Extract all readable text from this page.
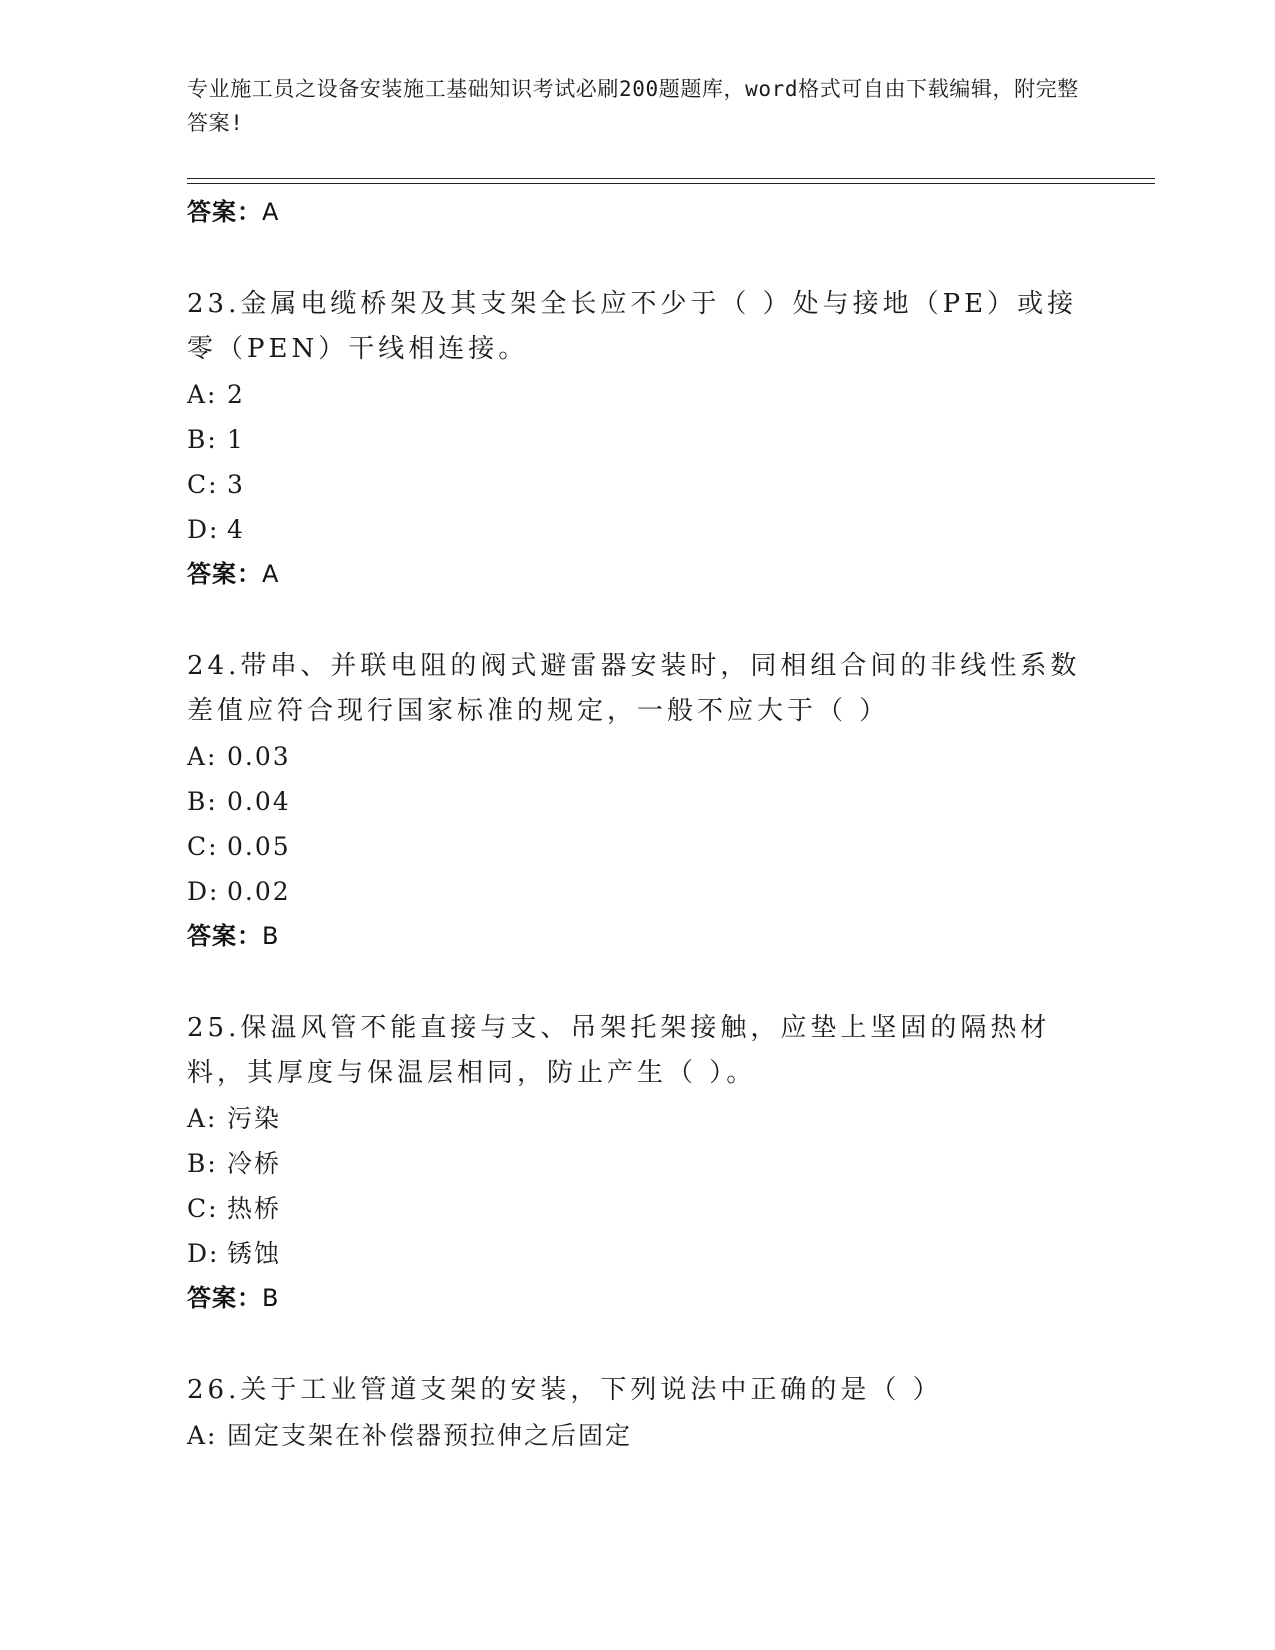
专业施工员之设备安装施工基础知识考试必刷200题题库，word格式可自由下载编辑，附完整答案!
答案：A

23.金属电缆桥架及其支架全长应不少于（ ）处与接地（PE）或接零（PEN）干线相连接。

A: 2
B: 1
C: 3
D: 4
答案：A

24.带串、并联电阻的阀式避雷器安装时，同相组合间的非线性系数差值应符合现行国家标准的规定，一般不应大于（ ）

A: 0.03
B: 0.04
C: 0.05
D: 0.02
答案：B

25.保温风管不能直接与支、吊架托架接触，应垫上坚固的隔热材料，其厚度与保温层相同，防止产生（ ）。

A: 污染
B: 冷桥
C: 热桥
D: 锈蚀
答案：B

26.关于工业管道支架的安装，下列说法中正确的是（ ）

A: 固定支架在补偿器预拉伸之后固定
